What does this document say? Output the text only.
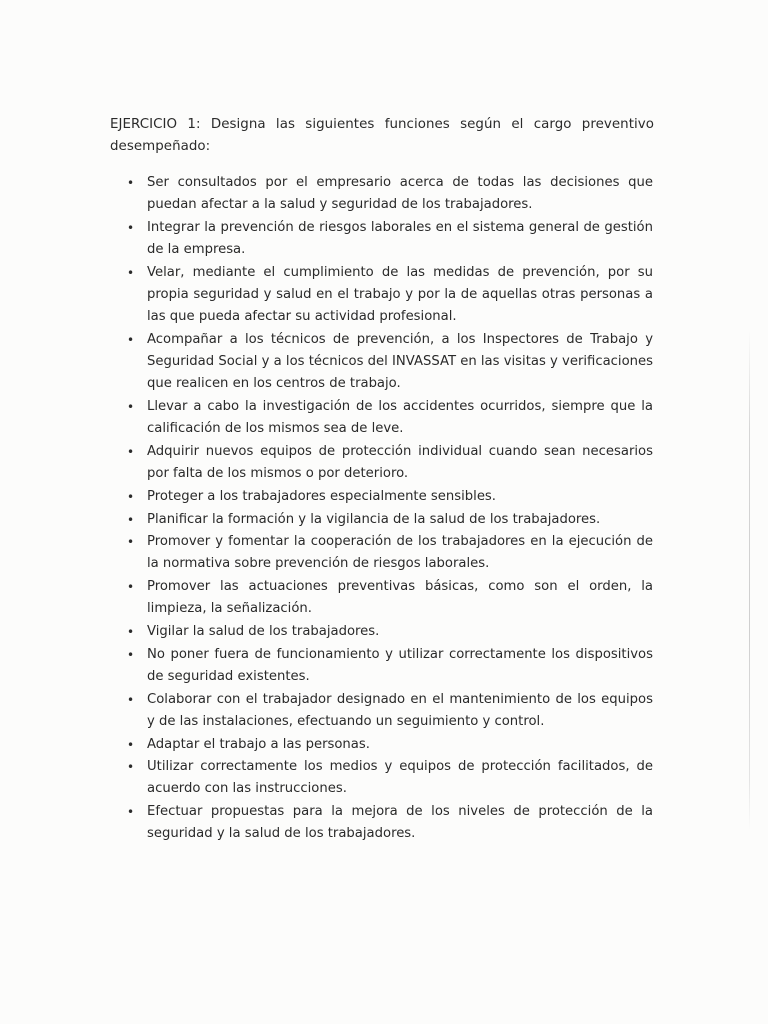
EJERCICIO 1: Designa las siguientes funciones según el cargo preventivo desempeñado:

• Ser consultados por el empresario acerca de todas las decisiones que puedan afectar a la salud y seguridad de los trabajadores.
• Integrar la prevención de riesgos laborales en el sistema general de gestión de la empresa.
• Velar, mediante el cumplimiento de las medidas de prevención, por su propia seguridad y salud en el trabajo y por la de aquellas otras personas a las que pueda afectar su actividad profesional.
• Acompañar a los técnicos de prevención, a los Inspectores de Trabajo y Seguridad Social y a los técnicos del INVASSAT en las visitas y verificaciones que realicen en los centros de trabajo.
• Llevar a cabo la investigación de los accidentes ocurridos, siempre que la calificación de los mismos sea de leve.
• Adquirir nuevos equipos de protección individual cuando sean necesarios por falta de los mismos o por deterioro.
• Proteger a los trabajadores especialmente sensibles.
• Planificar la formación y la vigilancia de la salud de los trabajadores.
• Promover y fomentar la cooperación de los trabajadores en la ejecución de la normativa sobre prevención de riesgos laborales.
• Promover las actuaciones preventivas básicas, como son el orden, la limpieza, la señalización.
• Vigilar la salud de los trabajadores.
• No poner fuera de funcionamiento y utilizar correctamente los dispositivos de seguridad existentes.
• Colaborar con el trabajador designado en el mantenimiento de los equipos y de las instalaciones, efectuando un seguimiento y control.
• Adaptar el trabajo a las personas.
• Utilizar correctamente los medios y equipos de protección facilitados, de acuerdo con las instrucciones.
• Efectuar propuestas para la mejora de los niveles de protección de la seguridad y la salud de los trabajadores.
